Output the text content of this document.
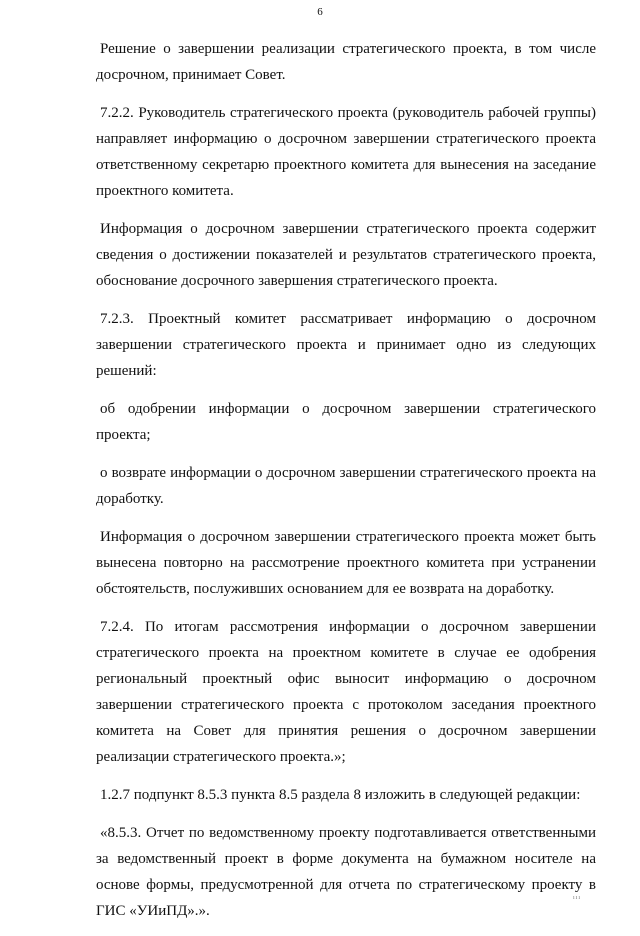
6

Решение о завершении реализации стратегического проекта, в том числе досрочном, принимает Совет.

7.2.2. Руководитель стратегического проекта (руководитель рабочей группы) направляет информацию о досрочном завершении стратегического проекта ответственному секретарю проектного комитета для вынесения на заседание проектного комитета.

Информация о досрочном завершении стратегического проекта содержит сведения о достижении показателей и результатов стратегического проекта, обоснование досрочного завершения стратегического проекта.

7.2.3. Проектный комитет рассматривает информацию о досрочном завершении стратегического проекта и принимает одно из следующих решений:

об одобрении информации о досрочном завершении стратегического проекта;

о возврате информации о досрочном завершении стратегического проекта на доработку.

Информация о досрочном завершении стратегического проекта может быть вынесена повторно на рассмотрение проектного комитета при устранении обстоятельств, послуживших основанием для ее возврата на доработку.

7.2.4. По итогам рассмотрения информации о досрочном завершении стратегического проекта на проектном комитете в случае ее одобрения региональный проектный офис выносит информацию о досрочном завершении стратегического проекта с протоколом заседания проектного комитета на Совет для принятия решения о досрочном завершении реализации стратегического проекта.»;

1.2.7 подпункт 8.5.3 пункта 8.5 раздела 8 изложить в следующей редакции:

«8.5.3. Отчет по ведомственному проекту подготавливается ответственными за ведомственный проект в форме документа на бумажном носителе на основе формы, предусмотренной для отчета по стратегическому проекту в ГИС «УИиПД».».

ııı
